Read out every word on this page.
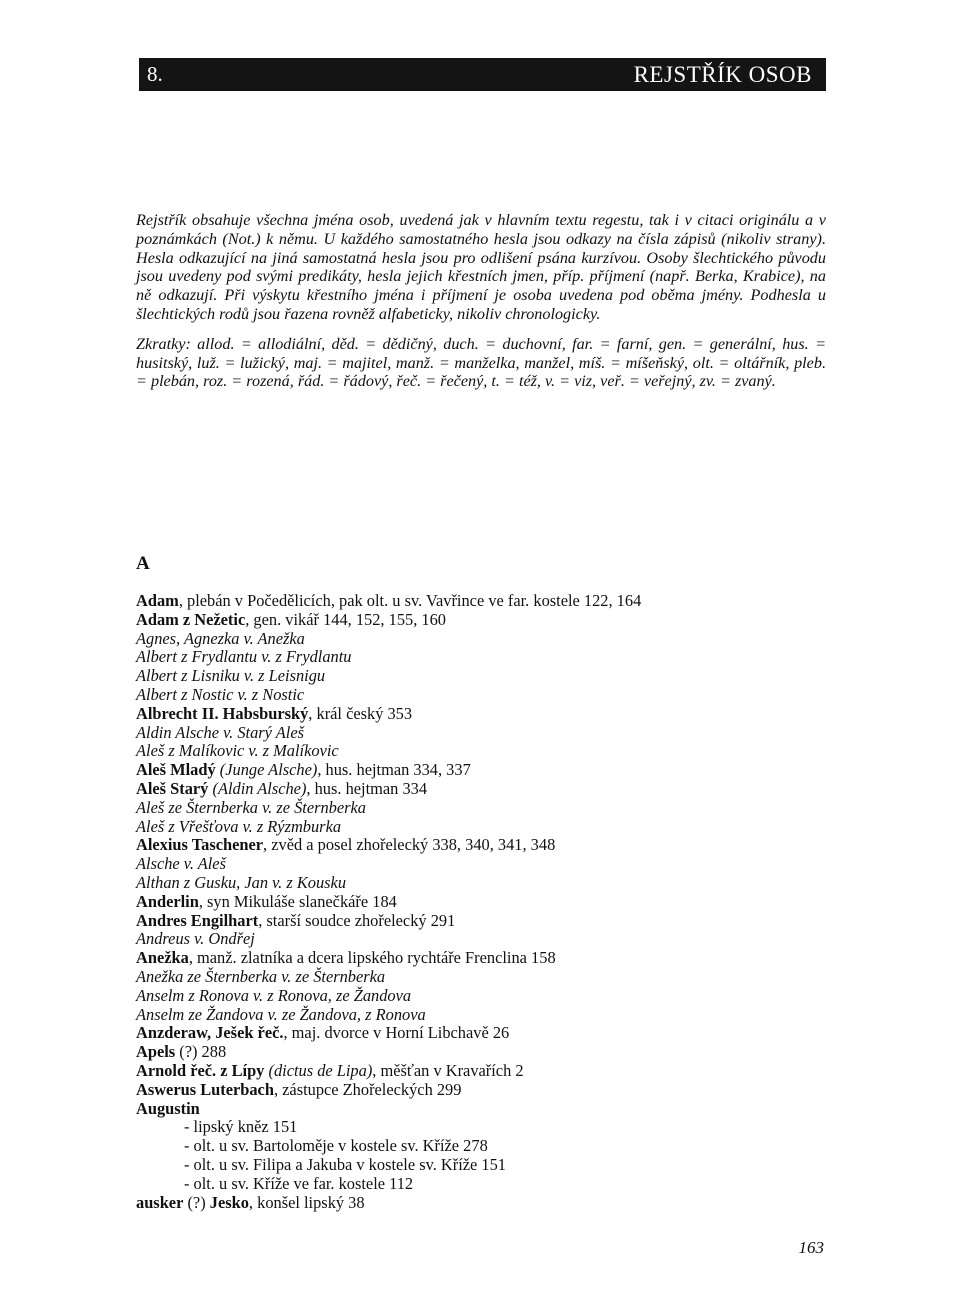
8.	REJSTŘÍK OSOB

Rejstřík obsahuje všechna jména osob, uvedená jak v hlavním textu regestu, tak i v citaci originálu a v poznámkách (Not.) k němu. U každého samostatného hesla jsou odkazy na čísla zápisů (nikoliv strany). Hesla odkazující na jiná samostatná hesla jsou pro odlišení psána kurzívou. Osoby šlechtického původu jsou uvedeny pod svými predikáty, hesla jejich křestních jmen, příp. příjmení (např. Berka, Krabice), na ně odkazují. Při výskytu křestního jména i příjmení je osoba uvedena pod oběma jmény. Podhesla u šlechtických rodů jsou řazena rovněž alfabeticky, nikoliv chronologicky.

Zkratky: allod. = allodiální, děd. = dědičný, duch. = duchovní, far. = farní, gen. = generální, hus. = husitský, luž. = lužický, maj. = majitel, manž. = manželka, manžel, míš. = míšeňský, olt. = oltářník, pleb. = plebán, roz. = rozená, řád. = řádový, řeč. = řečený, t. = též, v. = viz, veř. = veřejný, zv. = zvaný.

A
Adam, plebán v Počedělicích, pak olt. u sv. Vavřince ve far. kostele 122, 164
Adam z Nežetic, gen. vikář 144, 152, 155, 160
Agnes, Agnezka v. Anežka
Albert z Frydlantu v. z Frydlantu
Albert z Lisniku v. z Leisnigu
Albert z Nostic v. z Nostic
Albrecht II. Habsburský, král český 353
Aldin Alsche v. Starý Aleš
Aleš z Malíkovic v. z Malíkovic
Aleš Mladý (Junge Alsche), hus. hejtman 334, 337
Aleš Starý (Aldin Alsche), hus. hejtman 334
Aleš ze Šternberka v. ze Šternberka
Aleš z Vřešťova v. z Rýzmburka
Alexius Taschener, zvěd a posel zhořelecký 338, 340, 341, 348
Alsche v. Aleš
Althan z Gusku, Jan v. z Kousku
Anderlin, syn Mikuláše slanečkáře 184
Andres Engilhart, starší soudce zhořelecký 291
Andreus v. Ondřej
Anežka, manž. zlatníka a dcera lipského rychtáře Frenclina 158
Anežka ze Šternberka v. ze Šternberka
Anselm z Ronova v. z Ronova, ze Žandova
Anselm ze Žandova v. ze Žandova, z Ronova
Anzderaw, Ješek řeč., maj. dvorce v Horní Libchavě 26
Apels (?) 288
Arnold řeč. z Lípy (dictus de Lipa), měšťan v Kravařích 2
Aswerus Luterbach, zástupce Zhořeleckých 299
Augustin
- lipský kněz 151
- olt. u sv. Bartoloměje v kostele sv. Kříže 278
- olt. u sv. Filipa a Jakuba v kostele sv. Kříže 151
- olt. u sv. Kříže ve far. kostele 112
ausker (?) Jesko, konšel lipský 38
163
